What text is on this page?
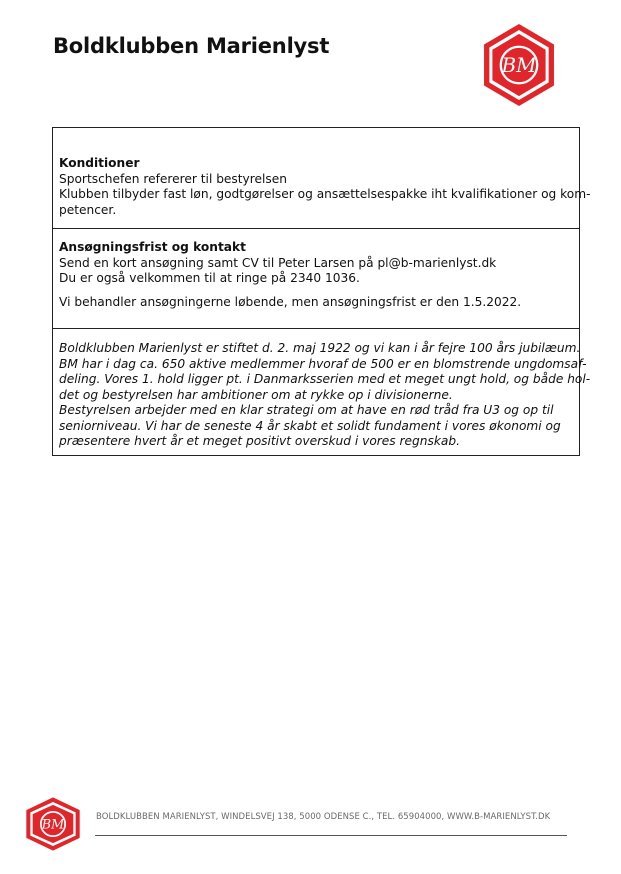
Boldklubben Marienlyst
BM
Konditioner
Sportschefen refererer til bestyrelsen
Klubben tilbyder fast løn, godtgørelser og ansættelsespakke iht kvalifikationer og kom-
petencer.
Ansøgningsfrist og kontakt
Send en kort ansøgning samt CV til Peter Larsen på pl@b-marienlyst.dk
Du er også velkommen til at ringe på 2340 1036.
Vi behandler ansøgningerne løbende, men ansøgningsfrist er den 1.5.2022.
Boldklubben Marienlyst er stiftet d. 2. maj 1922 og vi kan i år fejre 100 års jubilæum.
BM har i dag ca. 650 aktive medlemmer hvoraf de 500 er en blomstrende ungdomsaf-
deling. Vores 1. hold ligger pt. i Danmarksserien med et meget ungt hold, og både hol-
det og bestyrelsen har ambitioner om at rykke op i divisionerne.
Bestyrelsen arbejder med en klar strategi om at have en rød tråd fra U3 og op til
seniorniveau. Vi har de seneste 4 år skabt et solidt fundament i vores økonomi og
præsentere hvert år et meget positivt overskud i vores regnskab.
BM
BOLDKLUBBEN MARIENLYST, WINDELSVEJ 138, 5000 ODENSE C., TEL. 65904000, WWW.B-MARIENLYST.DK
